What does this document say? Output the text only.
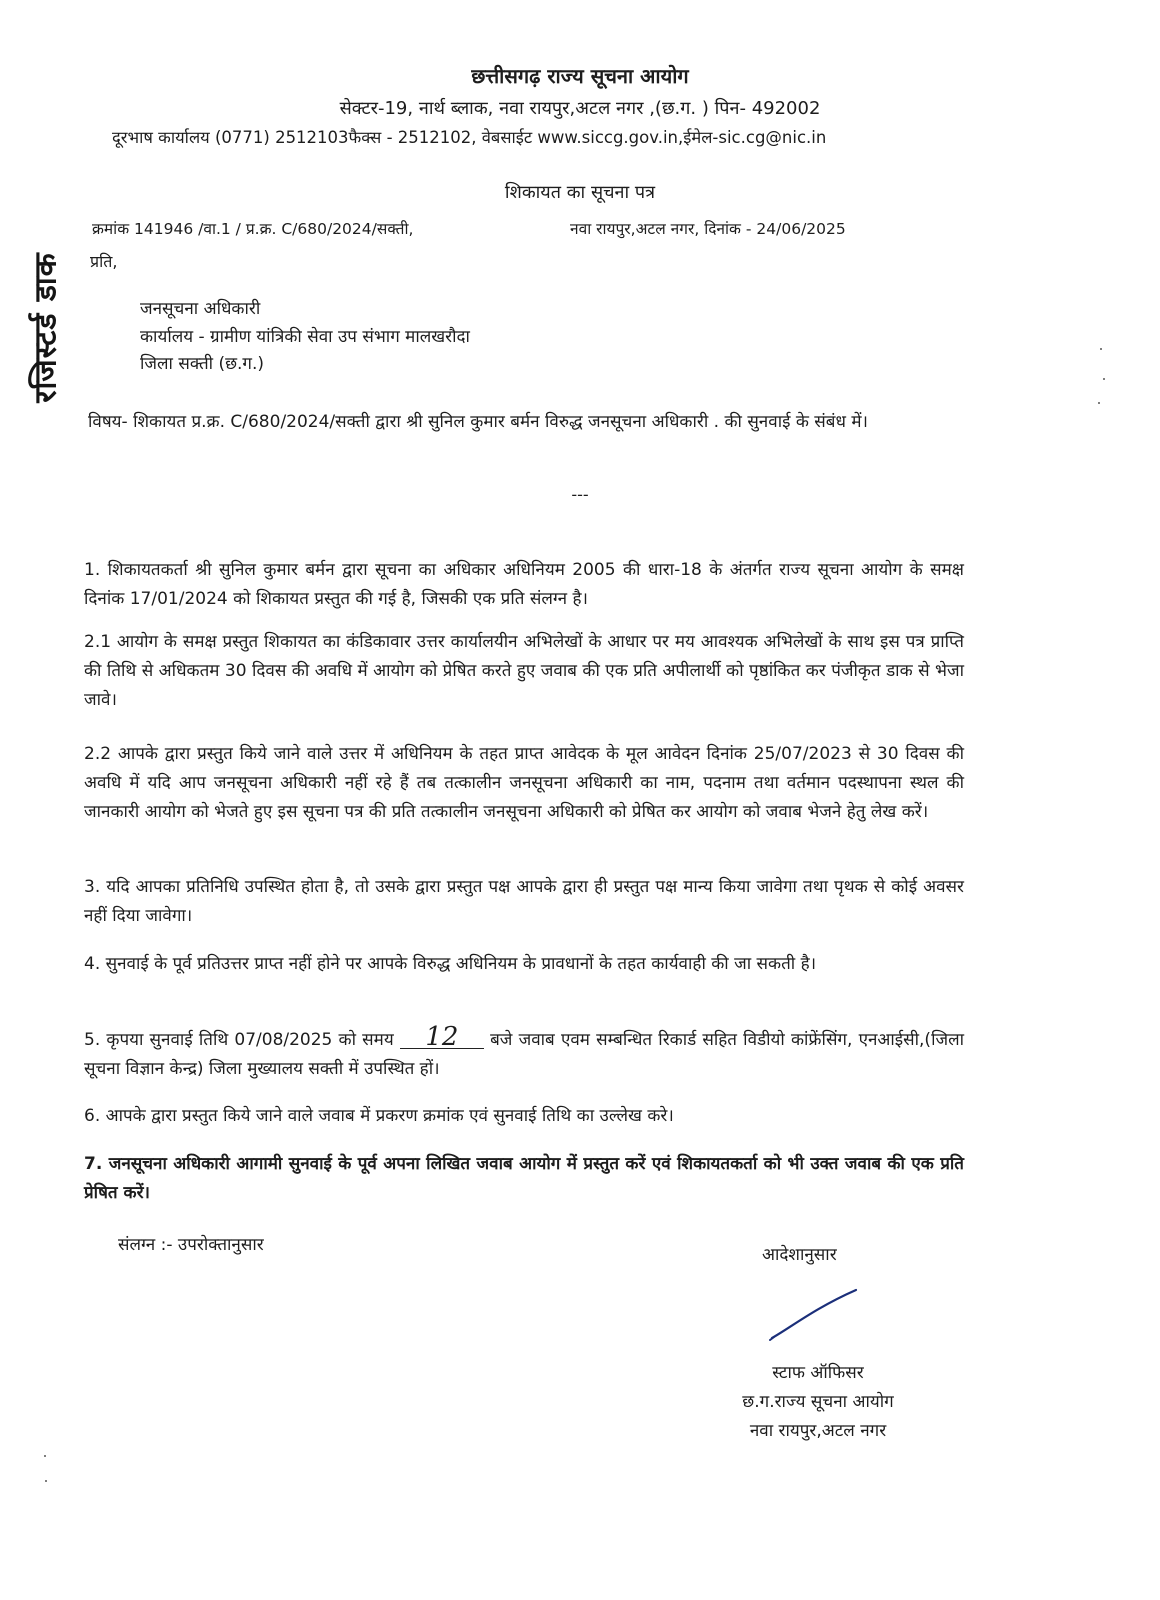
छत्तीसगढ़ राज्य सूचना आयोग
सेक्टर-19, नार्थ ब्लाक, नवा रायपुर,अटल नगर ,(छ.ग. ) पिन- 492002
दूरभाष कार्यालय (0771) 2512103फैक्स - 2512102, वेबसाईट www.siccg.gov.in,ईमेल-sic.cg@nic.in
शिकायत का सूचना पत्र
क्रमांक 141946 /वा.1 / प्र.क्र. C/680/2024/सक्ती,	नवा रायपुर,अटल नगर, दिनांक - 24/06/2025
रजिस्टर्ड डाक प्रति,
जनसूचना अधिकारी
कार्यालय - ग्रामीण यांत्रिकी सेवा उप संभाग मालखरौदा
जिला सक्ती (छ.ग.)
विषय- शिकायत प्र.क्र. C/680/2024/सक्ती द्वारा श्री सुनिल कुमार बर्मन विरुद्ध जनसूचना अधिकारी . की सुनवाई के संबंध में।
---
1. शिकायतकर्ता श्री सुनिल कुमार बर्मन द्वारा सूचना का अधिकार अधिनियम 2005 की धारा-18 के अंतर्गत राज्य सूचना आयोग के समक्ष दिनांक 17/01/2024 को शिकायत प्रस्तुत की गई है, जिसकी एक प्रति संलग्न है।
2.1 आयोग के समक्ष प्रस्तुत शिकायत का कंडिकावार उत्तर कार्यालयीन अभिलेखों के आधार पर मय आवश्यक अभिलेखों के साथ इस पत्र प्राप्ति की तिथि से अधिकतम 30 दिवस की अवधि में आयोग को प्रेषित करते हुए जवाब की एक प्रति अपीलार्थी को पृष्ठांकित कर पंजीकृत डाक से भेजा जावे।
2.2 आपके द्वारा प्रस्तुत किये जाने वाले उत्तर में अधिनियम के तहत प्राप्त आवेदक के मूल आवेदन दिनांक 25/07/2023 से 30 दिवस की अवधि में यदि आप जनसूचना अधिकारी नहीं रहे हैं तब तत्कालीन जनसूचना अधिकारी का नाम, पदनाम तथा वर्तमान पदस्थापना स्थल की जानकारी आयोग को भेजते हुए इस सूचना पत्र की प्रति तत्कालीन जनसूचना अधिकारी को प्रेषित कर आयोग को जवाब भेजने हेतु लेख करें।
3. यदि आपका प्रतिनिधि उपस्थित होता है, तो उसके द्वारा प्रस्तुत पक्ष आपके द्वारा ही प्रस्तुत पक्ष मान्य किया जावेगा तथा पृथक से कोई अवसर नहीं दिया जावेगा।
4. सुनवाई के पूर्व प्रतिउत्तर प्राप्त नहीं होने पर आपके विरुद्ध अधिनियम के प्रावधानों के तहत कार्यवाही की जा सकती है।
5. कृपया सुनवाई तिथि 07/08/2025 को समय 12 बजे जवाब एवम सम्बन्धित रिकार्ड सहित विडीयो कांफ्रेंसिंग, एनआईसी,(जिला सूचना विज्ञान केन्द्र) जिला मुख्यालय सक्ती में उपस्थित हों।
6. आपके द्वारा प्रस्तुत किये जाने वाले जवाब में प्रकरण क्रमांक एवं सुनवाई तिथि का उल्लेख करे।
7. जनसूचना अधिकारी आगामी सुनवाई के पूर्व अपना लिखित जवाब आयोग में प्रस्तुत करें एवं शिकायतकर्ता को भी उक्त जवाब की एक प्रति प्रेषित करें।
संलग्न :- उपरोक्तानुसार	आदेशानुसार
स्टाफ ऑफिसर
छ.ग.राज्य सूचना आयोग
नवा रायपुर,अटल नगर
